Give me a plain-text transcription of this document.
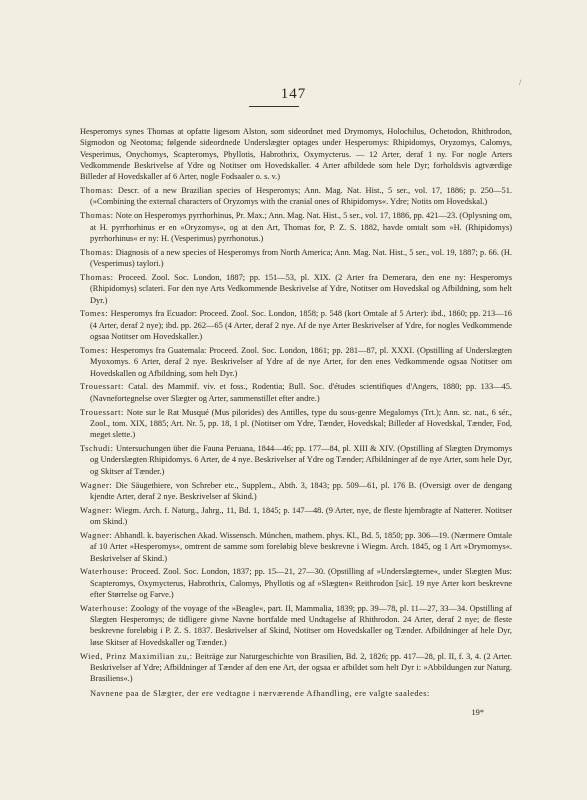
/
147

Hesperomys synes Thomas at opfatte ligesom Alston, som sideordnet med Drymomys, Holochilus, Ochetodon, Rhithrodon, Sigmodon og Neotoma; følgende sideordnede Underslægter optages under Hesperomys: Rhipidomys, Oryzomys, Calomys, Vesperimus, Onychomys, Scapteromys, Phyllotis, Habrothrix, Oxymycterus. — 12 Arter, deraf 1 ny. For nogle Arters Vedkommende Beskrivelse af Ydre og Notitser om Hovedskaller. 4 Arter afbildede som hele Dyr; forholdsvis agtværdige Billeder af Hovedskaller af 6 Arter, nogle Fodsaaler o. s. v.)

Thomas: Descr. of a new Brazilian species of Hesperomys; Ann. Mag. Nat. Hist., 5 ser., vol. 17, 1886; p. 250—51. (»Combining the external characters of Oryzomys with the cranial ones of Rhipidomys«. Ydre; Notits om Hovedskal.)

Thomas: Note on Hesperomys pyrrhorhinus, Pr. Max.; Ann. Mag. Nat. Hist., 5 ser., vol. 17, 1886, pp. 421—23. (Oplysning om, at H. pyrrhorhinus er en »Oryzomys«, og at den Art, Thomas for, P. Z. S. 1882, havde omtalt som »H. (Rhipidomys) pyrrhorhinus« er ny: H. (Vesperimus) pyrrhonotus.)

Thomas: Diagnosis of a new species of Hesperomys from North America; Ann. Mag. Nat. Hist., 5 ser., vol. 19, 1887; p. 66. (H. (Vesperimus) taylori.)

Thomas: Proceed. Zool. Soc. London, 1887; pp. 151—53, pl. XIX. (2 Arter fra Demerara, den ene ny: Hesperomys (Rhipidomys) sclateri. For den nye Arts Vedkommende Beskrivelse af Ydre, Notitser om Hovedskal og Afbildning, som helt Dyr.)

Tomes: Hesperomys fra Ecuador: Proceed. Zool. Soc. London, 1858; p. 548 (kort Omtale af 5 Arter): ibd., 1860; pp. 213—16 (4 Arter, deraf 2 nye); ibd. pp. 262—65 (4 Arter, deraf 2 nye. Af de nye Arter Beskrivelser af Ydre, for nogles Vedkommende ogsaa Notitser om Hovedskaller.)

Tomes: Hesperomys fra Guatemala: Proceed. Zool. Soc. London, 1861; pp. 281—87, pl. XXXI. (Opstilling af Underslægten Myoxomys. 6 Arter, deraf 2 nye. Beskrivelser af Ydre af de nye Arter, for den enes Vedkommende ogsaa Notitser om Hovedskallen og Afbildning, som helt Dyr.)

Trouessart: Catal. des Mammif. viv. et foss., Rodentia; Bull. Soc. d'études scientifiques d'Angers, 1880; pp. 133—45. (Navnefortegnelse over Slægter og Arter, sammenstillet efter andre.)

Trouessart: Note sur le Rat Musqué (Mus pilorides) des Antilles, type du sous-genre Megalomys (Trt.); Ann. sc. nat., 6 sér., Zool., tom. XIX, 1885; Art. Nr. 5, pp. 18, 1 pl. (Notitser om Ydre, Tænder, Hovedskal; Billeder af Hovedskal, Tænder, Fod, meget slette.)

Tschudi: Untersuchungen über die Fauna Peruana, 1844—46; pp. 177—84, pl. XIII & XIV. (Opstilling af Slægten Drymomys og Underslægten Rhipidomys. 6 Arter, de 4 nye. Beskrivelser af Ydre og Tænder; Afbildninger af de nye Arter, som hele Dyr, og Skitser af Tænder.)

Wagner: Die Säugethiere, von Schreber etc., Supplem., Abth. 3, 1843; pp. 509—61, pl. 176 B. (Oversigt over de dengang kjendte Arter, deraf 2 nye. Beskrivelser af Skind.)

Wagner: Wiegm. Arch. f. Naturg., Jahrg., 11, Bd. 1, 1845; p. 147—48. (9 Arter, nye, de fleste hjembragte af Natterer. Notitser om Skind.)

Wagner: Abhandl. k. bayerischen Akad. Wissensch. München, mathem. phys. Kl., Bd. 5, 1850; pp. 306—19. (Nærmere Omtale af 10 Arter »Hesperomys«, omtrent de samme som foreløbig bleve beskrevne i Wiegm. Arch. 1845, og 1 Art »Drymomys«. Beskrivelser af Skind.)

Waterhouse: Proceed. Zool. Soc. London, 1837; pp. 15—21, 27—30. (Opstilling af »Underslægterne«, under Slægten Mus: Scapteromys, Oxymycterus, Habrothrix, Calomys, Phyllotis og af »Slægten« Reithrodon [sic]. 19 nye Arter kort beskrevne efter Størrelse og Farve.)

Waterhouse: Zoology of the voyage of the »Beagle«, part. II, Mammalia, 1839; pp. 39—78, pl. 11—27, 33—34. Opstilling af Slægten Hesperomys; de tidligere givne Navne bortfalde med Undtagelse af Rhithrodon. 24 Arter, deraf 2 nye; de fleste beskrevne foreløbig i P. Z. S. 1837. Beskrivelser af Skind, Notitser om Hovedskaller og Tænder. Afbildninger af hele Dyr, løse Skitser af Hovedskaller og Tænder.)

Wied, Prinz Maximilian zu,: Beiträge zur Naturgeschichte von Brasilien, Bd. 2, 1826; pp. 417—28, pl. II, f. 3, 4. (2 Arter. Beskrivelser af Ydre; Afbildninger af Tænder af den ene Art, der ogsaa er afbildet som helt Dyr i: »Abbildungen zur Naturg. Brasiliens«.)

Navnene paa de Slægter, der ere vedtagne i nærværende Afhandling, ere valgte saaledes:

19*
